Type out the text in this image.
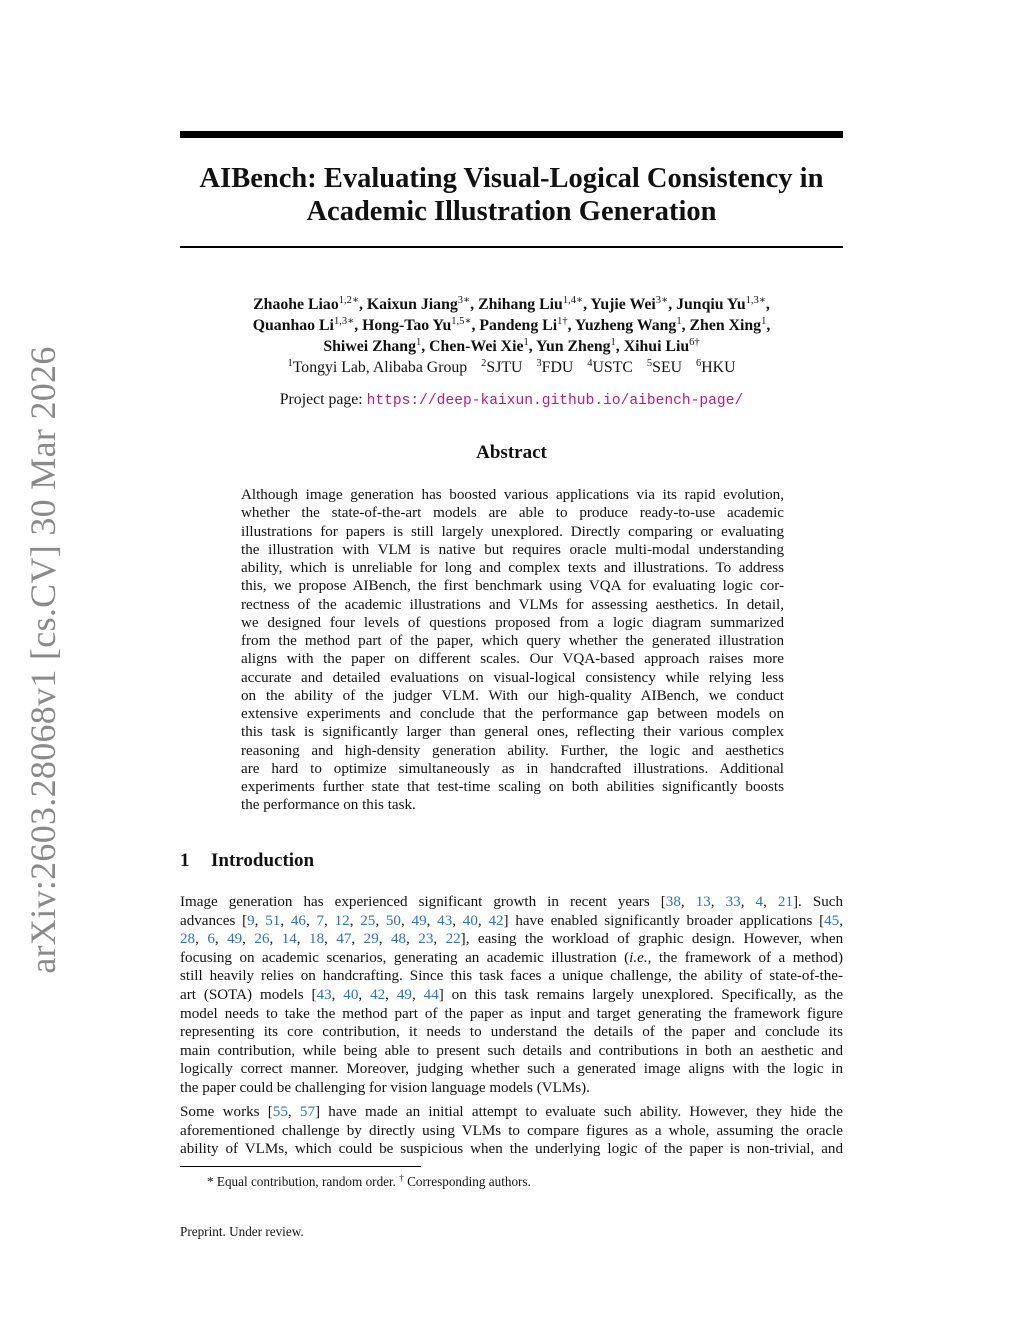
arXiv:2603.28068v1 [cs.CV] 30 Mar 2026
AIBench: Evaluating Visual-Logical Consistency in
Academic Illustration Generation
Zhaohe Liao$^{1,2∗}$, Kaixun Jiang$^{3∗}$, Zhihang Liu$^{1,4∗}$, Yujie Wei$^{3∗}$, Junqiu $Yu^{1,3∗}$,
Quanhao $Li^{1,3∗}$, Hong-Tao $Yu^{1,5∗}$, Pandeng $Li^{1\dagger}$, Yuzheng Wang$^1$, Zhen Xing$^1$,
Shiwei Zhang$^1$, Chen-Wei Xie$^1$, Yun Zheng$^1$, Xihui Liu$^{6\dagger}$
$^1$Tongyi Lab, Alibaba Group $^2$SJTU $^3$FDU $^4$USTC $^5$SEU $^6$HKU
Project page: https://deep-kaixun.github.io/aibench-page/
Abstract
Although image generation has boosted various applications via its rapid evolution,
whether the state-of-the-art models are able to produce ready-to-use academic
illustrations for papers is still largely unexplored. Directly comparing or evaluating
the illustration with VLM is native but requires oracle multi-modal understanding
ability, which is unreliable for long and complex texts and illustrations. To address
this, we propose AIBench, the first benchmark using VQA for evaluating logic cor-
rectness of the academic illustrations and VLMs for assessing aesthetics. In detail,
we designed four levels of questions proposed from a logic diagram summarized
from the method part of the paper, which query whether the generated illustration
aligns with the paper on different scales. Our VQA-based approach raises more
accurate and detailed evaluations on visual-logical consistency while relying less
on the ability of the judger VLM. With our high-quality AIBench, we conduct
extensive experiments and conclude that the performance gap between models on
this task is significantly larger than general ones, reflecting their various complex
reasoning and high-density generation ability. Further, the logic and aesthetics
are hard to optimize simultaneously as in handcrafted illustrations. Additional
experiments further state that test-time scaling on both abilities significantly boosts
the performance on this task.
1 Introduction
Image generation has experienced significant growth in recent years [38, 13, 33, 4, 21]. Such
advances [9, 51, 46, 7, 12, 25, 50, 49, 43, 40, 42] have enabled significantly broader applications [45,
28, 6, 49, 26, 14, 18, 47, 29, 48, 23, 22], easing the workload of graphic design. However, when
focusing on academic scenarios, generating an academic illustration (i.e., the framework of a method)
still heavily relies on handcrafting. Since this task faces a unique challenge, the ability of state-of-the-
art (SOTA) models [43, 40, 42, 49, 44] on this task remains largely unexplored. Specifically, as the
model needs to take the method part of the paper as input and target generating the framework figure
representing its core contribution, it needs to understand the details of the paper and conclude its
main contribution, while being able to present such details and contributions in both an aesthetic and
logically correct manner. Moreover, judging whether such a generated image aligns with the logic in
the paper could be challenging for vision language models (VLMs).
Some works [55, 57] have made an initial attempt to evaluate such ability. However, they hide the
aforementioned challenge by directly using VLMs to compare figures as a whole, assuming the oracle
ability of VLMs, which could be suspicious when the underlying logic of the paper is non-trivial, and
* Equal contribution, random order. † Corresponding authors.
Preprint. Under review.
